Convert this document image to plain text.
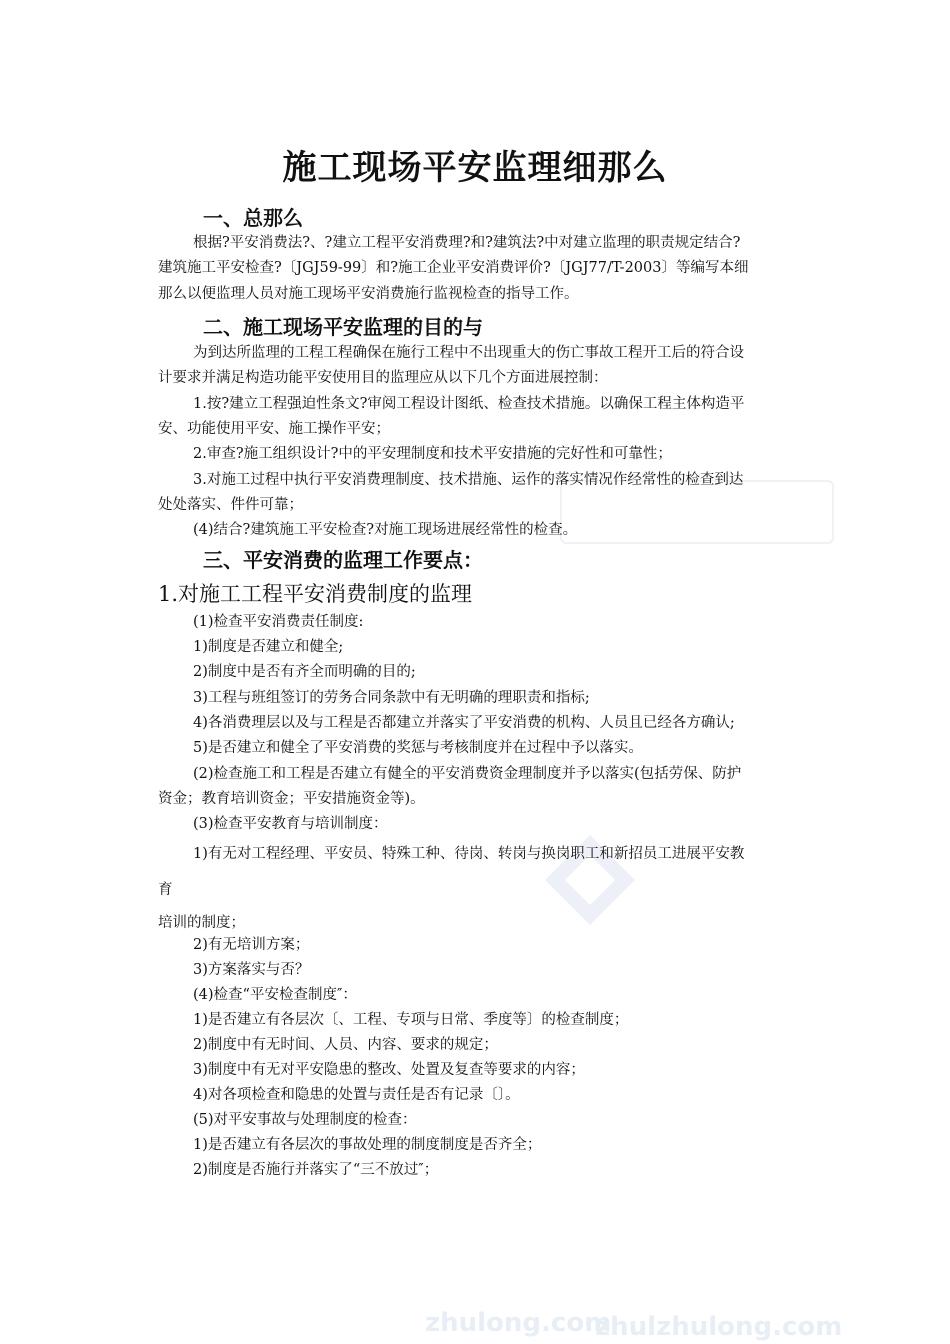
zhulong.com
zhulzhulong.com
施工现场平安监理细那么
一、总那么
根据?平安消费法?、?建立工程平安消费理?和?建筑法?中对建立监理的职责规定结合?
建筑施工平安检查?〔JGJ59-99〕和?施工企业平安消费评价?〔JGJ77/T-2003〕等编写本细
那么以便监理人员对施工现场平安消费施行监视检查的指导工作。
二、施工现场平安监理的目的与
为到达所监理的工程工程确保在施行工程中不出现重大的伤亡事故工程开工后的符合设
计要求并满足构造功能平安使用目的监理应从以下几个方面进展控制：
1.按?建立工程强迫性条文?审阅工程设计图纸、检查技术措施。以确保工程主体构造平
安、功能使用平安、施工操作平安；
2.审查?施工组织设计?中的平安理制度和技术平安措施的完好性和可靠性；
3.对施工过程中执行平安消费理制度、技术措施、运作的落实情况作经常性的检查到达
处处落实、件件可靠；
(4)结合?建筑施工平安检查?对施工现场进展经常性的检查。
三、平安消费的监理工作要点：
1.对施工工程平安消费制度的监理
(1)检查平安消费责任制度:
1)制度是否建立和健全;
2)制度中是否有齐全而明确的目的;
3)工程与班组签订的劳务合同条款中有无明确的理职责和指标;
4)各消费理层以及与工程是否都建立并落实了平安消费的机构、人员且已经各方确认;
5)是否建立和健全了平安消费的奖惩与考核制度并在过程中予以落实。
(2)检查施工和工程是否建立有健全的平安消费资金理制度并予以落实(包括劳保、防护
资金；教育培训资金；平安措施资金等)。
(3)检查平安教育与培训制度：
1)有无对工程经理、平安员、特殊工种、待岗、转岗与换岗职工和新招员工进展平安教
育
培训的制度；
2)有无培训方案；
3)方案落实与否？
(4)检查“平安检查制度″：
1)是否建立有各层次〔、工程、专项与日常、季度等〕的检查制度；
2)制度中有无时间、人员、内容、要求的规定；
3)制度中有无对平安隐患的整改、处置及复查等要求的内容；
4)对各项检查和隐患的处置与责任是否有记录〔〕。
(5)对平安事故与处理制度的检查：
1)是否建立有各层次的事故处理的制度制度是否齐全；
2)制度是否施行并落实了“三不放过″；
